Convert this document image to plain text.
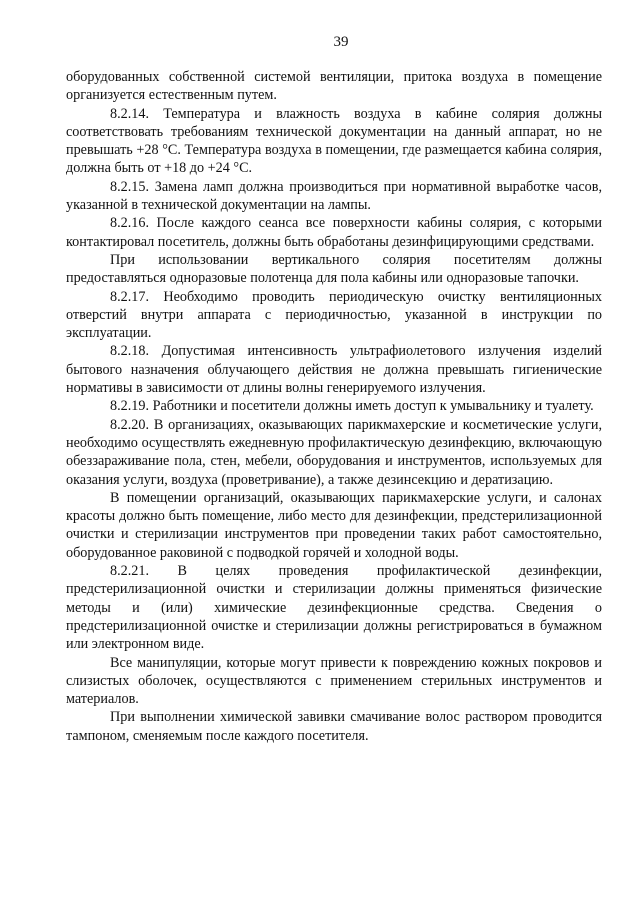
39

оборудованных собственной системой вентиляции, притока воздуха в помещение организуется естественным путем.

8.2.14. Температура и влажность воздуха в кабине солярия должны соответствовать требованиям технической документации на данный аппарат, но не превышать +28 °С. Температура воздуха в помещении, где размещается кабина солярия, должна быть от +18 до +24 °С.

8.2.15. Замена ламп должна производиться при нормативной выработке часов, указанной в технической документации на лампы.

8.2.16. После каждого сеанса все поверхности кабины солярия, с которыми контактировал посетитель, должны быть обработаны дезинфицирующими средствами.

При использовании вертикального солярия посетителям должны предоставляться одноразовые полотенца для пола кабины или одноразовые тапочки.

8.2.17. Необходимо проводить периодическую очистку вентиляционных отверстий внутри аппарата с периодичностью, указанной в инструкции по эксплуатации.

8.2.18. Допустимая интенсивность ультрафиолетового излучения изделий бытового назначения облучающего действия не должна превышать гигиенические нормативы в зависимости от длины волны генерируемого излучения.

8.2.19. Работники и посетители должны иметь доступ к умывальнику и туалету.

8.2.20. В организациях, оказывающих парикмахерские и косметические услуги, необходимо осуществлять ежедневную профилактическую дезинфекцию, включающую обеззараживание пола, стен, мебели, оборудования и инструментов, используемых для оказания услуги, воздуха (проветривание), а также дезинсекцию и дератизацию.

В помещении организаций, оказывающих парикмахерские услуги, и салонах красоты должно быть помещение, либо место для дезинфекции, предстерилизационной очистки и стерилизации инструментов при проведении таких работ самостоятельно, оборудованное раковиной с подводкой горячей и холодной воды.

8.2.21. В целях проведения профилактической дезинфекции, предстерилизационной очистки и стерилизации должны применяться физические методы и (или) химические дезинфекционные средства. Сведения о предстерилизационной очистке и стерилизации должны регистрироваться в бумажном или электронном виде.

Все манипуляции, которые могут привести к повреждению кожных покровов и слизистых оболочек, осуществляются с применением стерильных инструментов и материалов.

При выполнении химической завивки смачивание волос раствором проводится тампоном, сменяемым после каждого посетителя.
